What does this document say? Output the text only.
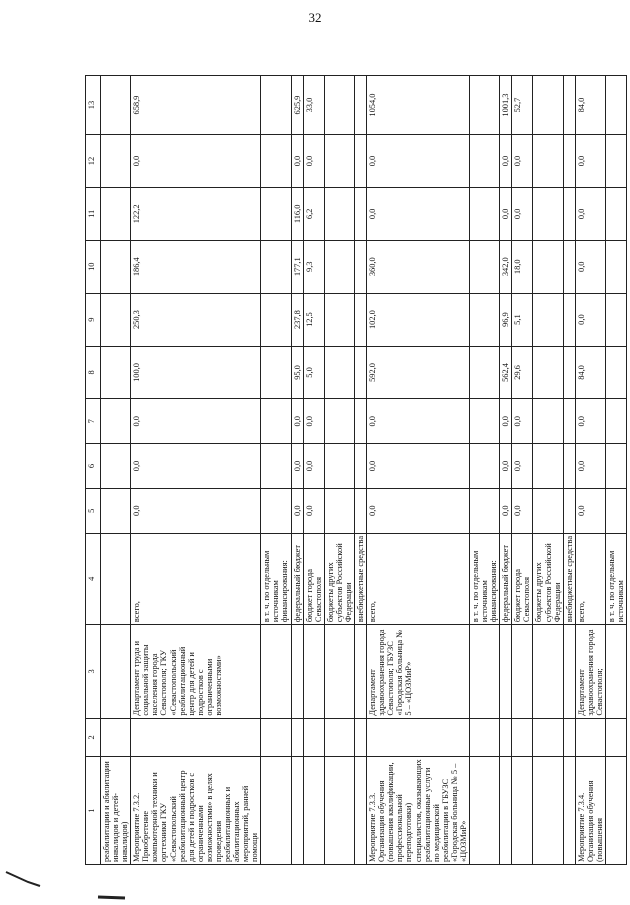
32
1	2	3	4	5	6	7	8	9	10	11	12	13
реабилитации и абилитации инвалидов и детей-инвалидов)												
Мероприятие 7.3.2. Приобретение компьютерной техники и оргтехники ГКУ «Севастопольский реабилитационный центр для детей и подростков с ограниченными возможностями» в целях проведения реабилитационных и абилитационных мероприятий, ранней помощи		Департамент труда и социальной защиты населения города Севастополя; ГКУ «Севастопольский реабилитационный центр для детей и подростков с ограниченными возможностями»	всего,	0,0	0,0	0,0	100,0	250,3	186,4	122,2	0,0	658,9
			в т. ч. по отдельным источникам финансирования:									
			федеральный бюджет	0,0	0,0	0,0	95,0	237,8	177,1	116,0	0,0	625,9
			бюджет города Севастополя	0,0	0,0	0,0	5,0	12,5	9,3	6,2	0,0	33,0
			бюджеты других субъектов Российской Федерации									
			внебюджетные средства									
Мероприятие 7.3.3. Организация обучения (повышения квалификации, профессиональной переподготовки) специалистов, оказывающих реабилитационные услуги по медицинской реабилитации в ГБУЗС «Городская больница № 5 – «ЦОЗМиР»		Департамент здравоохранения города Севастополя; ГБУЗС «Городская больница № 5 – «ЦОЗМиР»	всего,	0,0	0,0	0,0	592,0	102,0	360,0	0,0	0,0	1054,0
			в т. ч. по отдельным источникам финансирования:									
			федеральный бюджет	0,0	0,0	0,0	562,4	96,9	342,0	0,0	0,0	1001,3
			бюджет города Севастополя	0,0	0,0	0,0	29,6	5,1	18,0	0,0	0,0	52,7
			бюджеты других субъектов Российской Федерации									
			внебюджетные средства									
Мероприятие 7.3.4. Организация обучения (повышения		Департамент здравоохранения города Севастополя;	всего,	0,0	0,0	0,0	84,0	0,0	0,0	0,0	0,0	84,0
			в т. ч. по отдельным источникам									
